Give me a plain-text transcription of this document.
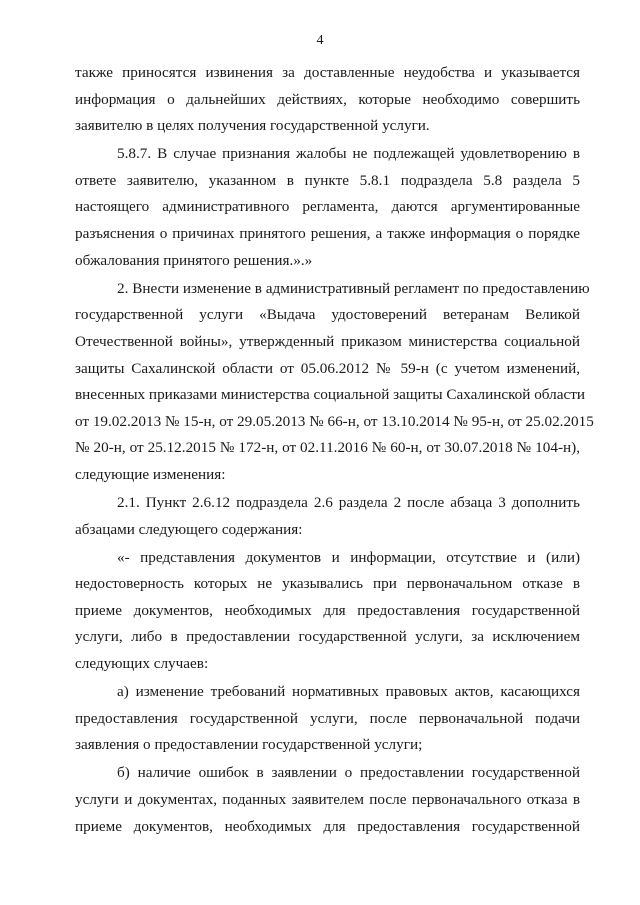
4

также приносятся извинения за доставленные неудобства и указывается
информация о дальнейших действиях, которые необходимо совершить
заявителю в целях получения государственной услуги.

5.8.7. В случае признания жалобы не подлежащей удовлетворению в
ответе заявителю, указанном в пункте 5.8.1 подраздела 5.8 раздела 5
настоящего административного регламента, даются аргументированные
разъяснения о причинах принятого решения, а также информация о порядке
обжалования принятого решения.».»

2. Внести изменение в административный регламент по предоставлению
государственной услуги «Выдача удостоверений ветеранам Великой
Отечественной войны», утвержденный приказом министерства социальной
защиты Сахалинской области от 05.06.2012 № 59-н (с учетом изменений,
внесенных приказами министерства социальной защиты Сахалинской области
от 19.02.2013 № 15-н, от 29.05.2013 № 66-н, от 13.10.2014 № 95-н, от 25.02.2015
№ 20-н, от 25.12.2015 № 172-н, от 02.11.2016 № 60-н, от 30.07.2018 № 104-н),
следующие изменения:

2.1. Пункт 2.6.12 подраздела 2.6 раздела 2 после абзаца 3 дополнить
абзацами следующего содержания:

«- представления документов и информации, отсутствие и (или)
недостоверность которых не указывались при первоначальном отказе в
приеме документов, необходимых для предоставления государственной
услуги, либо в предоставлении государственной услуги, за исключением
следующих случаев:

а) изменение требований нормативных правовых актов, касающихся
предоставления государственной услуги, после первоначальной подачи
заявления о предоставлении государственной услуги;

б) наличие ошибок в заявлении о предоставлении государственной
услуги и документах, поданных заявителем после первоначального отказа в
приеме документов, необходимых для предоставления государственной
